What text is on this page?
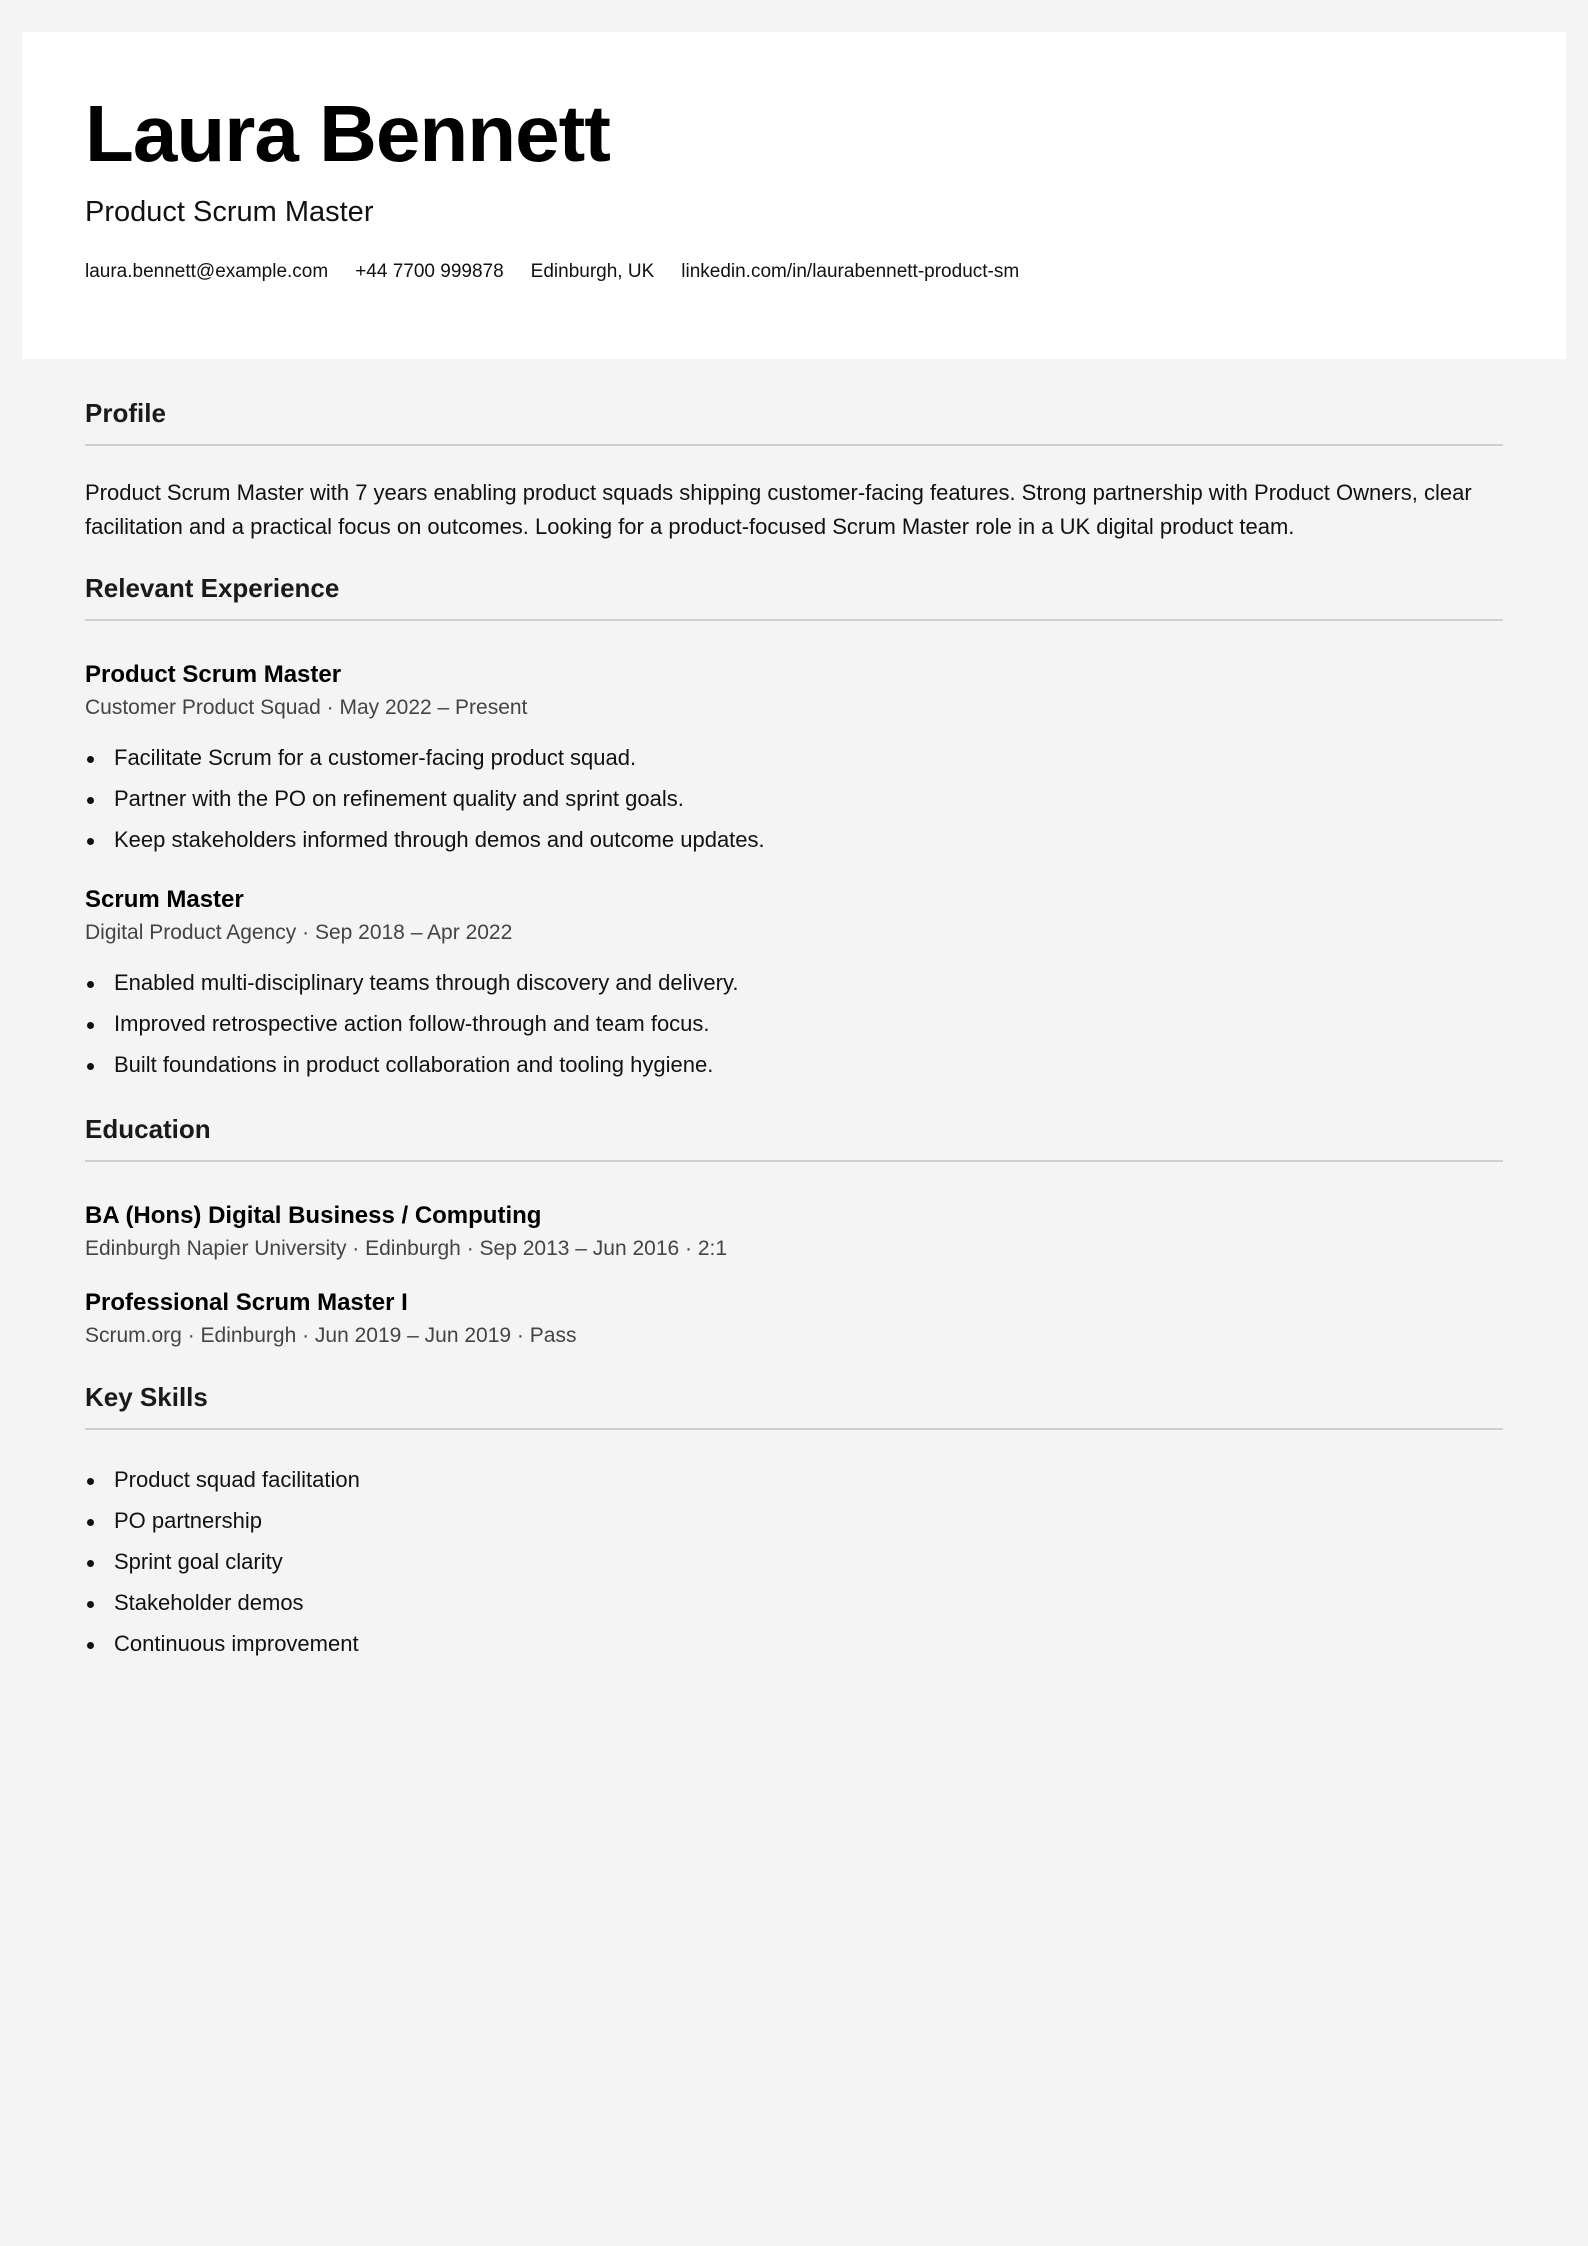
Laura Bennett
Product Scrum Master
laura.bennett@example.com +44 7700 999878 Edinburgh, UK linkedin.com/in/laurabennett-product-sm
Profile

Product Scrum Master with 7 years enabling product squads shipping customer-facing features. Strong partnership with Product Owners, clear facilitation and a practical focus on outcomes. Looking for a product-focused Scrum Master role in a UK digital product team.

Relevant Experience
Product Scrum Master
Customer Product Squad · May 2022 – Present
Facilitate Scrum for a customer-facing product squad.
Partner with the PO on refinement quality and sprint goals.
Keep stakeholders informed through demos and outcome updates.
Scrum Master
Digital Product Agency · Sep 2018 – Apr 2022
Enabled multi-disciplinary teams through discovery and delivery.
Improved retrospective action follow-through and team focus.
Built foundations in product collaboration and tooling hygiene.
Education
BA (Hons) Digital Business / Computing
Edinburgh Napier University · Edinburgh · Sep 2013 – Jun 2016 · 2:1
Professional Scrum Master I
Scrum.org · Edinburgh · Jun 2019 – Jun 2019 · Pass
Key Skills
Product squad facilitation
PO partnership
Sprint goal clarity
Stakeholder demos
Continuous improvement
